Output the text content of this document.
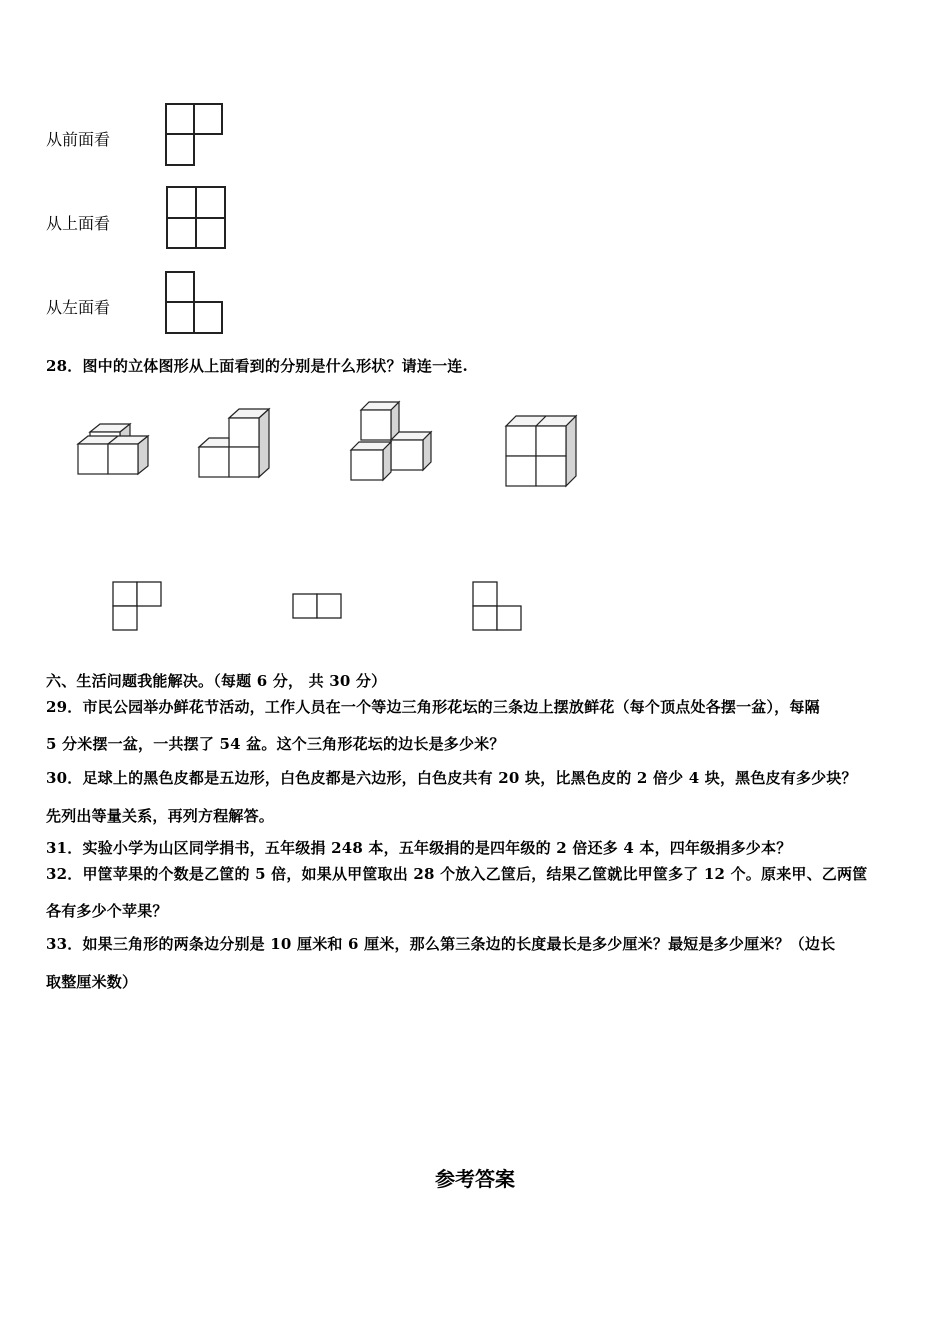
从前面看
从上面看
从左面看
28．图中的立体图形从上面看到的分别是什么形状？请连一连.
六、生活问题我能解决。（每题 6 分， 共 30 分）
29．市民公园举办鲜花节活动，工作人员在一个等边三角形花坛的三条边上摆放鲜花（每个顶点处各摆一盆），每隔
5 分米摆一盆，一共摆了 54 盆。这个三角形花坛的边长是多少米？
30．足球上的黑色皮都是五边形，白色皮都是六边形，白色皮共有 20 块，比黑色皮的 2 倍少 4 块，黑色皮有多少块？
先列出等量关系，再列方程解答。
31．实验小学为山区同学捐书，五年级捐 248 本，五年级捐的是四年级的 2 倍还多 4 本，四年级捐多少本？
32．甲筐苹果的个数是乙筐的 5 倍，如果从甲筐取出 28 个放入乙筐后，结果乙筐就比甲筐多了 12 个。原来甲、乙两筐
各有多少个苹果？
33．如果三角形的两条边分别是 10 厘米和 6 厘米，那么第三条边的长度最长是多少厘米？最短是多少厘米？（边长
取整厘米数）
参考答案
